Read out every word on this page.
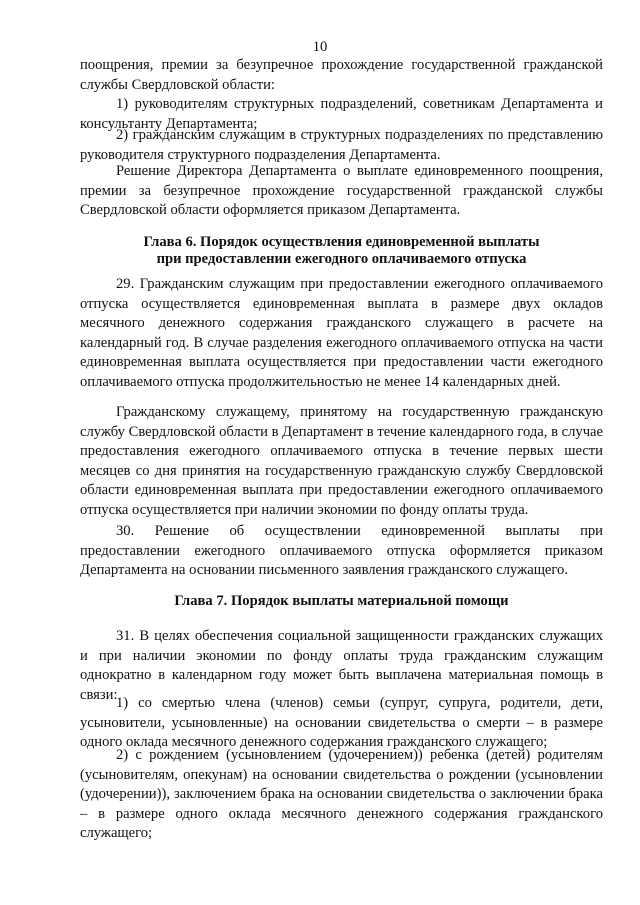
10

поощрения, премии за безупречное прохождение государственной гражданской службы Свердловской области:

1) руководителям структурных подразделений, советникам Департамента и консультанту Департамента;

2) гражданским служащим в структурных подразделениях по представлению руководителя структурного подразделения Департамента.

Решение Директора Департамента о выплате единовременного поощрения, премии за безупречное прохождение государственной гражданской службы Свердловской области оформляется приказом Департамента.

Глава 6. Порядок осуществления единовременной выплаты

при предоставлении ежегодного оплачиваемого отпуска

29. Гражданским служащим при предоставлении ежегодного оплачиваемого отпуска осуществляется единовременная выплата в размере двух окладов месячного денежного содержания гражданского служащего в расчете на календарный год. В случае разделения ежегодного оплачиваемого отпуска на части единовременная выплата осуществляется при предоставлении части ежегодного оплачиваемого отпуска продолжительностью не менее 14 календарных дней.

Гражданскому служащему, принятому на государственную гражданскую службу Свердловской области в Департамент в течение календарного года, в случае предоставления ежегодного оплачиваемого отпуска в течение первых шести месяцев со дня принятия на государственную гражданскую службу Свердловской области единовременная выплата при предоставлении ежегодного оплачиваемого отпуска осуществляется при наличии экономии по фонду оплаты труда.

30. Решение об осуществлении единовременной выплаты при предоставлении ежегодного оплачиваемого отпуска оформляется приказом Департамента на основании письменного заявления гражданского служащего.

Глава 7. Порядок выплаты материальной помощи

31. В целях обеспечения социальной защищенности гражданских служащих и при наличии экономии по фонду оплаты труда гражданским служащим однократно в календарном году может быть выплачена материальная помощь в связи:

1) со смертью члена (членов) семьи (супруг, супруга, родители, дети, усыновители, усыновленные) на основании свидетельства о смерти – в размере одного оклада месячного денежного содержания гражданского служащего;

2) с рождением (усыновлением (удочерением)) ребенка (детей) родителям (усыновителям, опекунам) на основании свидетельства о рождении (усыновлении (удочерении)), заключением брака на основании свидетельства о заключении брака – в размере одного оклада месячного денежного содержания гражданского служащего;
